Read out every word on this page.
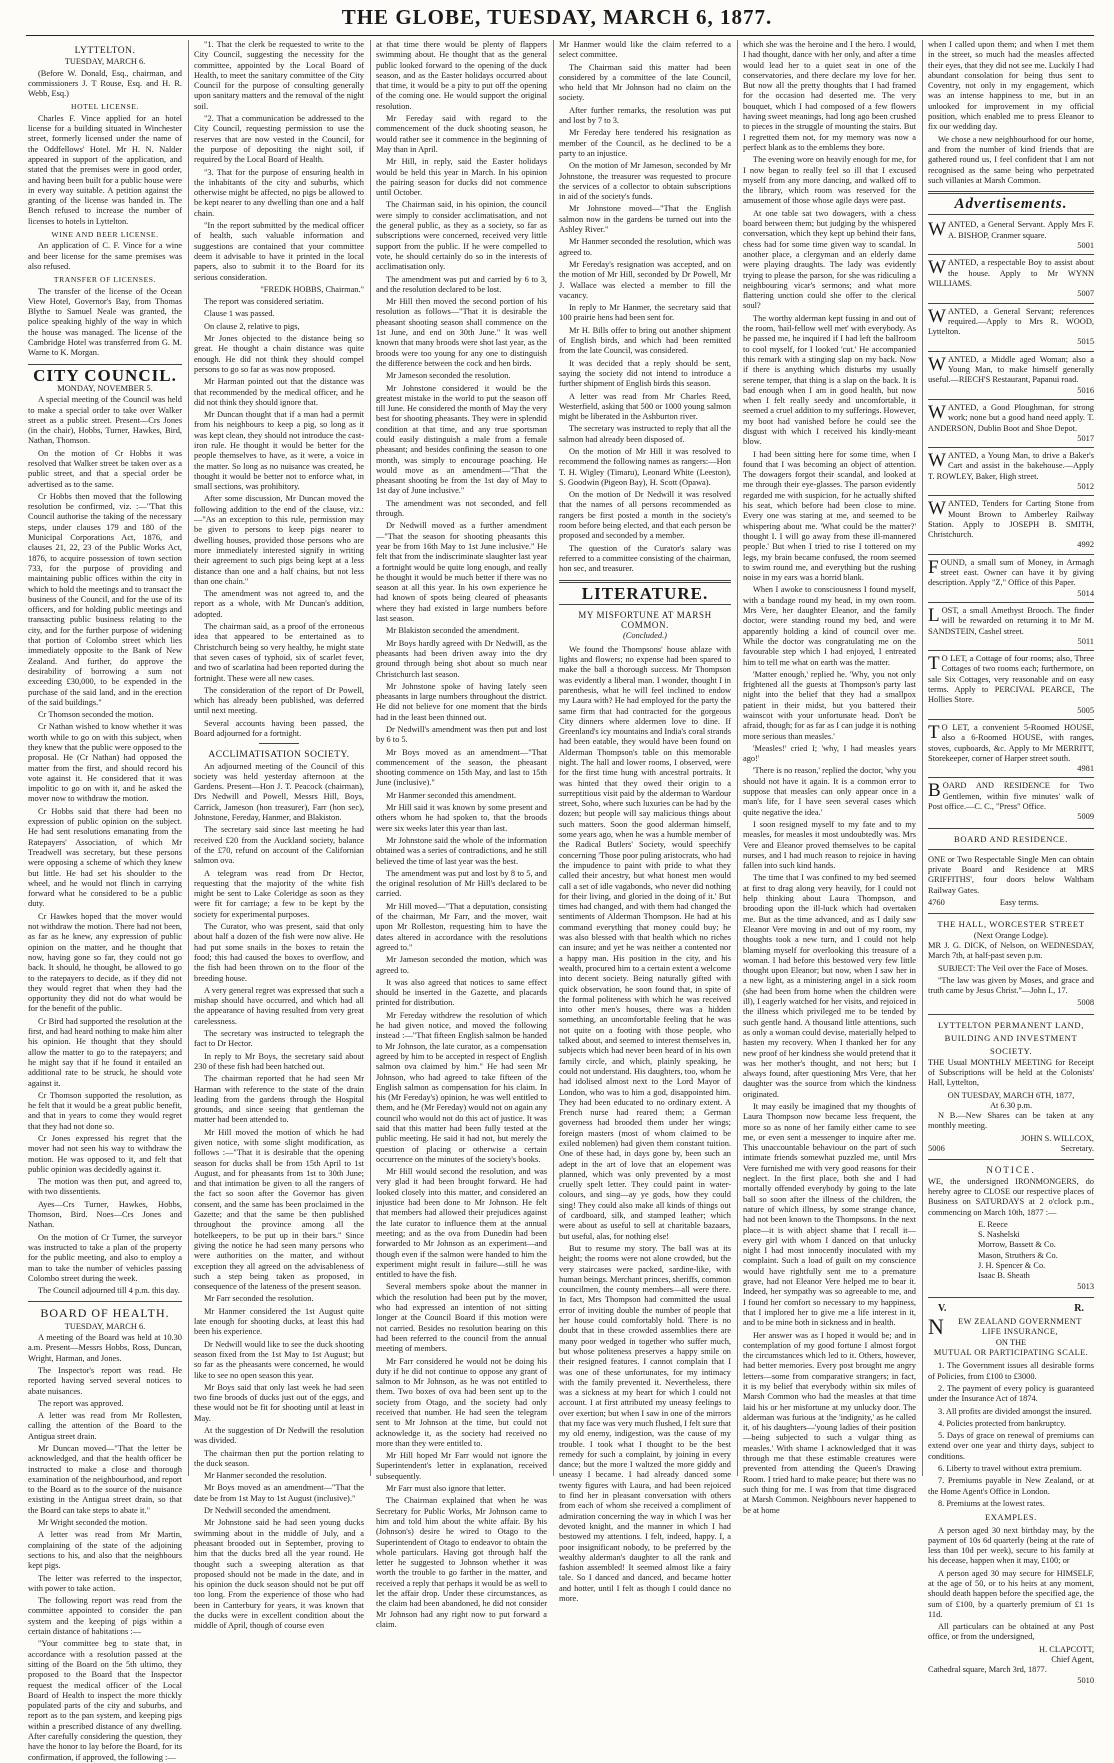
THE GLOBE, TUESDAY, MARCH 6, 1877.
LYTTELTON.
TUESDAY, MARCH 6.

(Before W. Donald, Esq., chairman, and commissioners J. T Rouse, Esq. and H. R. Webb, Esq.)

HOTEL LICENSE.

Charles F. Vince applied for an hotel license for a building situated in Winchester street, formerly licensed under the name of the Oddfellows' Hotel. Mr H. N. Nalder appeared in support of the application, and stated that the premises were in good order, and having been built for a public house were in every way suitable. A petition against the granting of the license was handed in. The Bench refused to increase the number of licenses to hotels in Lyttelton.

WINE AND BEER LICENSE.

An application of C. F. Vince for a wine and beer license for the same premises was also refused.

TRANSFER OF LICENSES.

The transfer of the license of the Ocean View Hotel, Governor's Bay, from Thomas Blythe to Samuel Neale was granted, the police speaking highly of the way in which the house was managed. The license of the Cambridge Hotel was transferred from G. M. Warne to K. Morgan.

CITY COUNCIL.
MONDAY, NOVEMBER 5.

A special meeting of the Council was held to make a special order to take over Walker street as a public street. Present—Crs Jones (in the chair), Hobbs, Turner, Hawkes, Bird, Nathan, Thomson.

On the motion of Cr Hobbs it was resolved that Walker street be taken over as a public street, and that a special order be advertised as to the same.

Cr Hobbs then moved that the following resolution be confirmed, viz. :—"That this Council authorise the taking of the necessary steps, under clauses 179 and 180 of the Municipal Corporations Act, 1876, and clauses 21, 22, 23 of the Public Works Act, 1876, to acquire possession of town section 733, for the purpose of providing and maintaining public offices within the city in which to hold the meetings and to transact the business of the Council, and for the use of its officers, and for holding public meetings and transacting public business relating to the city, and for the further purpose of widening that portion of Colombo street which lies immediately opposite to the Bank of New Zealand. And further, do approve the desirability of borrowing a sum not exceeding £30,000, to be expended in the purchase of the said land, and in the erection of the said buildings."

Cr Thomson seconded the motion.

Cr Nathan wished to know whether it was worth while to go on with this subject, when they knew that the public were opposed to the proposal. He (Cr Nathan) had opposed the matter from the first, and should record his vote against it. He considered that it was impolitic to go on with it, and he asked the mover now to withdraw the motion.

Cr Hobbs said that there had been no expression of public opinion on the subject. He had sent resolutions emanating from the Ratepayers' Association, of which Mr Treadwell was secretary, but these persons were opposing a scheme of which they knew but little. He had set his shoulder to the wheel, and he would not flinch in carrying forward what he considered to be a public duty.

Cr Hawkes hoped that the mover would not withdraw the motion. There had not been, as far as he knew, any expression of public opinion on the matter, and he thought that now, having gone so far, they could not go back. It should, he thought, be allowed to go to the ratepayers to decide, as if they did not they would regret that when they had the opportunity they did not do what would be for the benefit of the public.

Cr Bird had supported the resolution at the first, and had heard nothing to make him alter his opinion. He thought that they should allow the matter to go to the ratepayers; and he might say that if he found it entailed an additional rate to be struck, he should vote against it.

Cr Thomson supported the resolution, as he felt that it would be a great public benefit, and that in years to come they would regret that they had not done so.

Cr Jones expressed his regret that the mover had not seen his way to withdraw the motion. He was opposed to it, and felt that public opinion was decidedly against it.

The motion was then put, and agreed to, with two dissentients.

Ayes—Crs Turner, Hawkes, Hobbs, Thomson, Bird. Noes—Crs Jones and Nathan.

On the motion of Cr Turner, the surveyor was instructed to take a plan of the property for the public meeting, and also to employ a man to take the number of vehicles passing Colombo street during the week.

The Council adjourned till 4 p.m. this day.

BOARD OF HEALTH.
TUESDAY, MARCH 6.

A meeting of the Board was held at 10.30 a.m. Present—Messrs Hobbs, Ross, Duncan, Wright, Harman, and Jones.

The Inspector's report was read. He reported having served several notices to abate nuisances.

The report was approved.

A letter was read from Mr Rollesten, calling the attention of the Board to the Antigua street drain.

Mr Duncan moved—"That the letter be acknowledged, and that the health officer be instructed to make a close and thorough examination of the neighbourhood, and report to the Board as to the source of the nuisance existing in the Antigua street drain, so that the Board can take steps to abate it."

Mr Wright seconded the motion.

A letter was read from Mr Martin, complaining of the state of the adjoining sections to his, and also that the neighbours kept pigs.

The letter was referred to the inspector, with power to take action.

The following report was read from the committee appointed to consider the pan system and the keeping of pigs within a certain distance of habitations :—

"Your committee beg to state that, in accordance with a resolution passed at the sitting of the Board on the 5th ultimo, they proposed to the Board that the Inspector request the medical officer of the Local Board of Health to inspect the more thickly populated parts of the city and suburbs, and report as to the pan system, and keeping pigs within a prescribed distance of any dwelling. After carefully considering the question, they have the honor to lay before the Board, for its confirmation, if approved, the following :—

"1. That the clerk be requested to write to the City Council, suggesting the necessity for the committee, appointed by the Local Board of Health, to meet the sanitary committee of the City Council for the purpose of consulting generally upon sanitary matters and the removal of the night soil.

"2. That a communication be addressed to the City Council, requesting permission to use the reserves that are now vested in the Council, for the purpose of depositing the night soil, if required by the Local Board of Health.

"3. That for the purpose of ensuring health in the inhabitants of the city and suburbs, which otherwise might be affected, no pigs be allowed to be kept nearer to any dwelling than one and a half chain.

"In the report submitted by the medical officer of health, such valuable information and suggestions are contained that your committee deem it advisable to have it printed in the local papers, also to submit it to the Board for its serious consideration.

"FREDK HOBBS, Chairman."

The report was considered seriatim.

Clause 1 was passed.

On clause 2, relative to pigs,

Mr Jones objected to the distance being so great. He thought a chain distance was quite enough. He did not think they should compel persons to go so far as was now proposed.

Mr Harman pointed out that the distance was that recommended by the medical officer, and he did not think they should ignore that.

Mr Duncan thought that if a man had a permit from his neighbours to keep a pig, so long as it was kept clean, they should not introduce the cast-iron rule. He thought it would be better for the people themselves to have, as it were, a voice in the matter. So long as no nuisance was created, he thought it would be better not to enforce what, in small sections, was prohibitory.

After some discussion, Mr Duncan moved the following addition to the end of the clause, viz.:—"As an exception to this rule, permission may be given to persons to keep pigs nearer to dwelling houses, provided those persons who are more immediately interested signify in writing their agreement to such pigs being kept at a less distance than one and a half chains, but not less than one chain."

The amendment was not agreed to, and the report as a whole, with Mr Duncan's addition, adopted.

The chairman said, as a proof of the erroneous idea that appeared to be entertained as to Christchurch being so very healthy, he might state that seven cases of typhoid, six of scarlet fever, and two of scarlatina had been reported during the fortnight. These were all new cases.

The consideration of the report of Dr Powell, which has already been published, was deferred until next meeting.

Several accounts having been passed, the Board adjourned for a fortnight.

ACCLIMATISATION SOCIETY.

An adjourned meeting of the Council of this society was held yesterday afternoon at the Gardens. Present—Hon J. T. Peacock (chairman), Drs Nedwill and Powell, Messrs Hill, Boys, Carrick, Jameson (hon treasurer), Farr (hon sec), Johnstone, Fereday, Hanmer, and Blakiston.

The secretary said since last meeting he had received £20 from the Auckland society, balance of the £70, refund on account of the Californian salmon ova.

A telegram was read from Dr Hector, requesting that the majority of the white fish might be sent to Lake Coleridge as soon as they were fit for carriage; a few to be kept by the society for experimental purposes.

The Curator, who was present, said that only about half a dozen of the fish were now alive. He had put some snails in the boxes to retain the food; this had caused the boxes to overflow, and the fish had been thrown on to the floor of the breeding house.

A very general regret was expressed that such a mishap should have occurred, and which had all the appearance of having resulted from very great carelessness.

The secretary was instructed to telegraph the fact to Dr Hector.

In reply to Mr Boys, the secretary said about 230 of these fish had been hatched out.

The chairman reported that he had seen Mr Harman with reference to the state of the drain leading from the gardens through the Hospital grounds, and since seeing that gentleman the matter had been attended to.

Mr Hill moved the motion of which he had given notice, with some slight modification, as follows :—"That it is desirable that the opening season for ducks shall be from 15th April to 1st August, and for pheasants from 1st to 30th June; and that intimation be given to all the rangers of the fact so soon after the Governor has given consent, and the same has been proclaimed in the Gazette; and that the same be then published throughout the province among all the hotelkeepers, to be put up in their bars." Since giving the notice he had seen many persons who were authorities on the matter, and without exception they all agreed on the advisableness of such a step being taken as proposed, in consequence of the lateness of the present season.

Mr Farr seconded the resolution.

Mr Hanmer considered the 1st August quite late enough for shooting ducks, at least this had been his experience.

Dr Nedwill would like to see the duck shooting season fixed from the 1st May to 1st August; but so far as the pheasants were concerned, he would like to see no open season this year.

Mr Boys said that only last week he had seen two fine broods of ducks just out of the eggs, and these would not be fit for shooting until at least in May.

At the suggestion of Dr Nedwill the resolution was divided.

The chairman then put the portion relating to the duck season.

Mr Hanmer seconded the resolution.

Mr Boys moved as an amendment—"That the date be from 1st May to 1st August (inclusive)."

Dr Nedwill seconded the amendment.

Mr Johnstone said he had seen young ducks swimming about in the middle of July, and a pheasant brooded out in September, proving to him that the ducks bred all the year round. He thought such a sweeping alteration as that proposed should not be made in the date, and in his opinion the duck season should not be put off too long. From the experience of those who had been in Canterbury for years, it was known that the ducks were in excellent condition about the middle of April, though of course even

at that time there would be plenty of flappers swimming about. He thought that as the general public looked forward to the opening of the duck season, and as the Easter holidays occurred about that time, it would be a pity to put off the opening of the coming one. He would support the original resolution.

Mr Fereday said with regard to the commencement of the duck shooting season, he would rather see it commence in the beginning of May than in April.

Mr Hill, in reply, said the Easter holidays would be held this year in March. In his opinion the pairing season for ducks did not commence until October.

The Chairman said, in his opinion, the council were simply to consider acclimatisation, and not the general public, as they as a society, so far as subscriptions were concerned, received very little support from the public. If he were compelled to vote, he should certainly do so in the interests of acclimatisation only.

The amendment was put and carried by 6 to 3, and the resolution declared to be lost.

Mr Hill then moved the second portion of his resolution as follows—"That it is desirable the pheasant shooting season shall commence on the 1st June, and end on 30th June." It was well known that many broods were shot last year, as the broods were too young for any one to distinguish the difference between the cock and hen birds.

Mr Jameson seconded the resolution.

Mr Johnstone considered it would be the greatest mistake in the world to put the season off till June. He considered the month of May the very best for shooting pheasants. They were in splendid condition at that time, and any true sportsman could easily distinguish a male from a female pheasant; and besides confining the season to one month, was simply to encourage poaching. He would move as an amendment—"That the pheasant shooting be from the 1st day of May to 1st day of June inclusive."

The amendment was not seconded, and fell through.

Dr Nedwill moved as a further amendment—"That the season for shooting pheasants this year be from 16th May to 1st June inclusive." He felt that from the indiscriminate slaughter last year a fortnight would be quite long enough, and really he thought it would be much better if there was no season at all this year. In his own experience he had known of spots being cleared of pheasants where they had existed in large numbers before last season.

Mr Blakiston seconded the amendment.

Mr Boys hardly agreed with Dr Nedwill, as the pheasants had been driven away into the dry ground through being shot about so much near Christchurch last season.

Mr Johnstone spoke of having lately seen pheasants in large numbers throughout the district. He did not believe for one moment that the birds had in the least been thinned out.

Dr Nedwill's amendment was then put and lost by 6 to 5.

Mr Boys moved as an amendment—"That commencement of the season, the pheasant shooting commence on 15th May, and last to 15th June (inclusive)."

Mr Hanmer seconded this amendment.

Mr Hill said it was known by some present and others whom he had spoken to, that the broods were six weeks later this year than last.

Mr Johnstone said the whole of the information obtained was a series of contradictions, and he still believed the time of last year was the best.

The amendment was put and lost by 8 to 5, and the original resolution of Mr Hill's declared to be carried.

Mr Hill moved—"That a deputation, consisting of the chairman, Mr Farr, and the mover, wait upon Mr Rolleston, requesting him to have the dates altered in accordance with the resolutions agreed to."

Mr Jameson seconded the motion, which was agreed to.

It was also agreed that notices to same effect should be inserted in the Gazette, and placards printed for distribution.

Mr Fereday withdrew the resolution of which he had given notice, and moved the following instead :—"That fifteen English salmon be handed to Mr Johnson, the late curator, as a compensation agreed by him to be accepted in respect of English salmon ova claimed by him." He had seen Mr Johnson, who had agreed to take fifteen of the English salmon as compensation for his claim. In his (Mr Fereday's) opinion, he was well entitled to them, and he (Mr Fereday) would not on again any council who would not do this act of justice. It was said that this matter had been fully tested at the public meeting. He said it had not, but merely the question of placing or otherwise a certain occurrence on the minutes of the society's books.

Mr Hill would second the resolution, and was very glad it had been brought forward. He had looked closely into this matter, and considered an injustice had been done to Mr Johnson. He felt that members had allowed their prejudices against the late curator to influence them at the annual meeting; and as the ova from Dunedin had been forwarded to Mr Johnson as an experiment—and though even if the salmon were handed to him the experiment might result in failure—still he was entitled to have the fish.

Several members spoke about the manner in which the resolution had been put by the mover, who had expressed an intention of not sitting longer at the Council Board if this motion were not carried. Besides no resolution bearing on this had been referred to the council from the annual meeting of members.

Mr Farr considered he would not be doing his duty if he did not continue to oppose any grant of salmon to Mr Johnson, as he was not entitled to them. Two boxes of ova had been sent up to the society from Otago, and the society had only received that number. He had seen the telegram sent to Mr Johnson at the time, but could not acknowledge it, as the society had received no more than they were entitled to.

Mr Hill hoped Mr Farr would not ignore the Superintendent's letter in explanation, received subsequently.

Mr Farr must also ignore that letter.

The Chairman explained that when he was Secretary for Public Works, Mr Johnson came to him and told him about the white affair. By his (Johnson's) desire he wired to Otago to the Superintendent of Otago to endeavor to obtain the whole particulars. Having got through half the letter he suggested to Johnson whether it was worth the trouble to go farther in the matter, and received a reply that perhaps it would be as well to let the affair drop. Under these circumstances, as the claim had been abandoned, he did not consider Mr Johnson had any right now to put forward a claim.

Mr Hanmer would like the claim referred to a select committee.

The Chairman said this matter had been considered by a committee of the late Council, who held that Mr Johnson had no claim on the society.

After further remarks, the resolution was put and lost by 7 to 3.

Mr Fereday here tendered his resignation as member of the Council, as he declined to be a party to an injustice.

On the motion of Mr Jameson, seconded by Mr Johnstone, the treasurer was requested to procure the services of a collector to obtain subscriptions in aid of the society's funds.

Mr Johnstone moved—"That the English salmon now in the gardens be turned out into the Ashley River."

Mr Hanmer seconded the resolution, which was agreed to.

Mr Fereday's resignation was accepted, and on the motion of Mr Hill, seconded by Dr Powell, Mr J. Wallace was elected a member to fill the vacancy.

In reply to Mr Hanmer, the secretary said that 100 prairie hens had been sent for.

Mr H. Bills offer to bring out another shipment of English birds, and which had been remitted from the late Council, was considered.

It was decided that a reply should be sent, saying the society did not intend to introduce a further shipment of English birds this season.

A letter was read from Mr Charles Reed, Westerfield, asking that 500 or 1000 young salmon might be liberated in the Ashburton river.

The secretary was instructed to reply that all the salmon had already been disposed of.

On the motion of Mr Hill it was resolved to recommend the following names as rangers:—Hon T. H. Wigley (Timaru), Leonard White (Leeston), S. Goodwin (Pigeon Bay), H. Scott (Opawa).

On the motion of Dr Nedwill it was resolved that the names of all persons recommended as rangers be first posted a month in the society's room before being elected, and that each person be proposed and seconded by a member.

The question of the Curator's salary was referred to a committee consisting of the chairman, hon sec, and treasurer.

LITERATURE.
MY MISFORTUNE AT MARSH COMMON.
(Concluded.)

We found the Thompsons' house ablaze with lights and flowers; no expense had been spared to make the ball a thorough success. Mr Thompson was evidently a liberal man. I wonder, thought I in parenthesis, what he will feel inclined to endow my Laura with? He had employed for the party the same firm that had contracted for the gorgeous City dinners where aldermen love to dine. If Greenland's icy mountains and India's coral strands had been eatable, they would have been found on Alderman Thompson's table on this memorable night. The hall and lower rooms, I observed, were for the first time hung with ancestral portraits. It was hinted that they owed their origin to a surreptitious visit paid by the alderman to Wardour street, Soho, where such luxuries can be had by the dozen; but people will say malicious things about such matters. Soon the good alderman himself, some years ago, when he was a humble member of the Radical Butlers' Society, would speechify concerning 'Those poor puling aristocrats, who had the impudence to paint with pride to what they called their ancestry, but what honest men would call a set of idle vagabonds, who never did nothing for their living, and gloried in the doing of it.' But times had changed, and with them had changed the sentiments of Alderman Thompson. He had at his command everything that money could buy; he was also blessed with that health which no riches can insure; and yet he was neither a contented nor a happy man. His position in the city, and his wealth, procured him to a certain extent a welcome into decent society. Being naturally gifted with quick observation, he soon found that, in spite of the formal politeness with which he was received into other men's houses, there was a hidden something, an uncomfortable feeling that he was not quite on a footing with those people, who talked about, and seemed to interest themselves in, subjects which had never been heard of in his own family circle, and which, plainly speaking, he could not understand. His daughters, too, whom he had idolised almost next to the Lord Mayor of London, who was to him a god, disappointed him. They had been educated to no ordinary extent. A French nurse had reared them; a German governess had brooded them under her wings; foreign masters (most of whom claimed to be exiled noblemen) had given them constant tuition. One of these had, in days gone by, been such an adept in the art of love that an elopement was planned, which was only prevented by a most cruelly spelt letter. They could paint in water-colours, and sing—ay ye gods, how they could sing! They could also make all kinds of things out of cardboard, silk, and stamped leather; which were about as useful to sell at charitable bazaars, but useful, alas, for nothing else!

But to resume my story. The ball was at its height; the rooms were not alone crowded, but the very staircases were packed, sardine-like, with human beings. Merchant princes, sheriffs, common councilmen, the county members—all were there. In fact, Mrs Thompson had committed the usual error of inviting double the number of people that her house could comfortably hold. There is no doubt that in these crowded assemblies there are many poor wedged in together who suffer much, but whose politeness preserves a happy smile on their resigned features. I cannot complain that I was one of these unfortunates, for my intimacy with the family prevented it. Nevertheless, there was a sickness at my heart for which I could not account. I at first attributed my uneasy feelings to over exertion; but when I saw in one of the mirrors that my face was very much flushed, I felt sure that my old enemy, indigestion, was the cause of my trouble. I took what I thought to be the best remedy for such a complaint, by joining in every dance; but the more I waltzed the more giddy and uneasy I became. I had already danced some twenty figures with Laura, and had been rejoiced to find her in pleasant conversation with others from each of whom she received a compliment of admiration concerning the way in which I was her devoted knight, and the manner in which I had bestowed my attentions. I felt, indeed, happy. I, a poor insignificant nobody, to be preferred by the wealthy alderman's daughter to all the rank and fashion assembled! It seemed almost like a fairy tale. So I danced and danced, and became hotter and hotter, until I felt as though I could dance no more.

which she was the heroine and I the hero. I would, I had thought, dance with her only, and after a time would lead her to a quiet seat in one of the conservatories, and there declare my love for her. But now all the pretty thoughts that I had framed for the occasion had deserted me. The very bouquet, which I had composed of a few flowers having sweet meanings, had long ago been crushed to pieces in the struggle of mounting the stairs. But I regretted them not, for my memory was now a perfect blank as to the emblems they bore.

The evening wore on heavily enough for me, for I now began to really feel so ill that I excused myself from any more dancing, and walked off to the library, which room was reserved for the amusement of those whose agile days were past.

At one table sat two dowagers, with a chess board between them; but judging by the whispered conversation, which they kept up behind their fans, chess had for some time given way to scandal. In another place, a clergyman and an elderly dame were playing draughts. The lady was evidently trying to please the parson, for she was ridiculing a neighbouring vicar's sermons; and what more flattering unction could she offer to the clerical soul?

The worthy alderman kept fussing in and out of the room, 'hail-fellow well met' with everybody. As he passed me, he inquired if I had left the ballroom to cool myself, for I looked 'cut.' He accompanied this remark with a stinging slap on my back. Now if there is anything which disturbs my usually serene temper, that thing is a slap on the back. It is bad enough when I am in good health, but now when I felt really seedy and uncomfortable, it seemed a cruel addition to my sufferings. However, my boot had vanished before he could see the disgust with which I received his kindly-meant blow.

I had been sitting here for some time, when I found that I was becoming an object of attention. The dowagers forgot their scandal, and looked at me through their eye-glasses. The parson evidently regarded me with suspicion, for he actually shifted his seat, which before had been close to mine. Every one was staring at me, and seemed to be whispering about me. 'What could be the matter?' thought I. I will go away from these ill-mannered people.' But when I tried to rise I tottered on my legs, my brain became confused, the room seemed to swim round me, and everything but the rushing noise in my ears was a horrid blank.

When I awoke to consciousness I found myself, with a bandage round my head, in my own room. Mrs Vere, her daughter Eleanor, and the family doctor, were standing round my bed, and were apparently holding a kind of council over me. While the doctor was congratulating me on the favourable step which I had enjoyed, I entreated him to tell me what on earth was the matter.

'Matter enough,' replied he. 'Why, you not only frightened all the guests at Thompson's party last night into the belief that they had a smallpox patient in their midst, but you battered their wainscot with your unfortunate head. Don't be afraid, though; for as far as I can judge it is nothing more serious than measles.'

'Measles!' cried I; 'why, I had measles years ago!'

'There is no reason,' replied the doctor, 'why you should not have it again. It is a common error to suppose that measles can only appear once in a man's life, for I have seen several cases which quite negative the idea.'

I soon resigned myself to my fate and to my measles, for measles it most undoubtedly was. Mrs Vere and Eleanor proved themselves to be capital nurses, and I had much reason to rejoice in having fallen into such kind hands.

The time that I was confined to my bed seemed at first to drag along very heavily, for I could not help thinking about Laura Thompson, and brooding upon the ill-luck which had overtaken me. But as the time advanced, and as I daily saw Eleanor Vere moving in and out of my room, my thoughts took a new turn, and I could not help blaming myself for overlooking this treasure of a woman. I had before this bestowed very few little thought upon Eleanor; but now, when I saw her in a new light, as a ministering angel in a sick room (she had been from home when the children were ill), I eagerly watched for her visits, and rejoiced in the illness which privileged me to be tended by such gentle hand. A thousand little attentions, such as only a woman could devise, materially helped to hasten my recovery. When I thanked her for any new proof of her kindness she would pretend that it was her mother's thought, and not hers; but I always found, after questioning Mrs Vere, that her daughter was the source from which the kindness originated.

It may easily be imagined that my thoughts of Laura Thompson now became less frequent, the more so as none of her family either came to see me, or even sent a messenger to inquire after me. This unaccountable behaviour on the part of such intimate friends somewhat puzzled me, until Mrs Vere furnished me with very good reasons for their neglect. In the first place, both she and I had mortally offended everybody by going to the late ball so soon after the illness of the children, the nature of which illness, by some strange chance, had not been known to the Thompsons. In the next place—it is with abject shame that I recall it—every girl with whom I danced on that unlucky night I had most innocently inoculated with my complaint. Such a load of guilt on my conscience would have rightfully sent me to a premature grave, had not Eleanor Vere helped me to bear it. Indeed, her sympathy was so agreeable to me, and I found her comfort so necessary to my happiness, that I implored her to give me a life interest in it, and to be mine both in sickness and in health.

Her answer was as I hoped it would be; and in contemplation of my good fortune I almost forgot the circumstances which led to it. Others, however, had better memories. Every post brought me angry letters—some from comparative strangers; in fact, it is my belief that everybody within six miles of Marsh Common who had the measles at that time laid his or her misfortune at my unlucky door. The alderman was furious at the 'indignity,' as he called it, of his daughters—'young ladies of their position—being subjected to such a vulgar thing as measles.' With shame I acknowledged that it was through me that these estimable creatures were prevented from attending the Queen's Drawing Room. I tried hard to make peace; but there was no such thing for me. I was from that time disgraced at Marsh Common. Neighbours never happened to be at home

when I called upon them; and when I met them in the street, so much had the measles affected their eyes, that they did not see me. Luckily I had abundant consolation for being thus sent to Coventry, not only in my engagement, which was an intense happiness to me, but in an unlooked for improvement in my official position, which enabled me to press Eleanor to fix our wedding day.

We chose a new neighbourhood for our home, and from the number of kind friends that are gathered round us, I feel confident that I am not recognised as the same being who perpetrated such villanies at Marsh Common.

Advertisements.
WANTED, a General Servant. Apply Mrs F. A. BISHOP, Cranmer square.
5001
WANTED, a respectable Boy to assist about the house. Apply to Mr WYNN WILLIAMS.
5007
WANTED, a General Servant; references required.—Apply to Mrs R. WOOD, Lyttelton.
5015
WANTED, a Middle aged Woman; also a Young Man, to make himself generally useful.—RIECH'S Restaurant, Papanui road.
5016
WANTED, a Good Ploughman, for strong work; none but a good hand need apply. T. ANDERSON, Dublin Boot and Shoe Depot.
5017
WANTED, a Young Man, to drive a Baker's Cart and assist in the bakehouse.—Apply T. ROWLEY, Baker, High street.
5012
WANTED, Tenders for Carting Stone from Mount Brown to Amberley Railway Station. Apply to JOSEPH B. SMITH, Christchurch.
4992
FOUND, a small sum of Money, in Armagh street east. Owner can have it by giving description. Apply "Z," Office of this Paper.
5014
LOST, a small Amethyst Brooch. The finder will be rewarded on returning it to Mr M. SANDSTEIN, Cashel street.
5011
T O LET, a Cottage of four rooms; also, Three Cottages of two rooms each; furthermore, on sale Six Cottages, very reasonable and on easy terms. Apply to PERCIVAL PEARCE, The Hollies Store.
5005
T O LET, a convenient 5-Roomed HOUSE, also a 6-Roomed HOUSE, with ranges, stoves, cupboards, &c. Apply to Mr MERRITT, Storekeeper, corner of Harper street south.
4981
BOARD AND RESIDENCE for Two Gentlemen, within five minutes' walk of Post office.—C. C., "Press" Office.
5009
BOARD AND RESIDENCE.

ONE or Two Respectable Single Men can obtain private Board and Residence at MRS GRIFFITHS', four doors below Waltham Railway Gates.

4760	Easy terms.
THE HALL, WORCESTER STREET
(Next Orange Lodge).

MR J. G. DICK, of Nelson, on WEDNESDAY, March 7th, at half-past seven p.m.

SUBJECT: The Veil over the Face of Moses.

"The law was given by Moses, and grace and truth came by Jesus Christ."—John I., 17.

5008
LYTTELTON PERMANENT LAND,
BUILDING AND INVESTMENT
SOCIETY.

THE Usual MONTHLY MEETING for Receipt of Subscriptions will be held at the Colonists' Hall, Lyttelton,

ON TUESDAY, MARCH 6TH, 1877,
At 6.30 p.m.

N B.—New Shares can be taken at any monthly meeting.

JOHN S. WILLCOX,
5006	Secretary.
NOTICE.

WE, the undersigned IRONMONGERS, do hereby agree to CLOSE our respective places of Business on SATURDAYS at 2 o'clock p.m., commencing on March 10th, 1877 :—

E. Reece
S. Nashelski
Morrow, Bassett & Co.
Mason, Struthers & Co.
J. H. Spencer & Co.
Isaac B. Sheath
5013
V.	R.
N	EW ZEALAND GOVERNMENT
LIFE INSURANCE,
ON THE
MUTUAL OR PARTICIPATING SCALE.

1. The Government issues all desirable forms of Policies, from £100 to £3000.

2. The payment of every policy is guaranteed under the Insurance Act of 1874.

3. All profits are divided amongst the insured.

4. Policies protected from bankruptcy.

5. Days of grace on renewal of premiums can extend over one year and thirty days, subject to conditions.

6. Liberty to travel without extra premium.

7. Premiums payable in New Zealand, or at the Home Agent's Office in London.

8. Premiums at the lowest rates.

EXAMPLES.

A person aged 30 next birthday may, by the payment of 10s 6d quarterly (being at the rate of less than 10d per week), secure to his family at his decease, happen when it may, £100; or

A person aged 30 may secure for HIMSELF, at the age of 50, or to his heirs at any moment, should death happen before the specified age, the sum of £100, by a quarterly premium of £1 1s 11d.

All particulars can be obtained at any Post office, or from the undersigned,

H. CLAPCOTT,
Chief Agent,
Cathedral square, March 3rd, 1877.
5010
